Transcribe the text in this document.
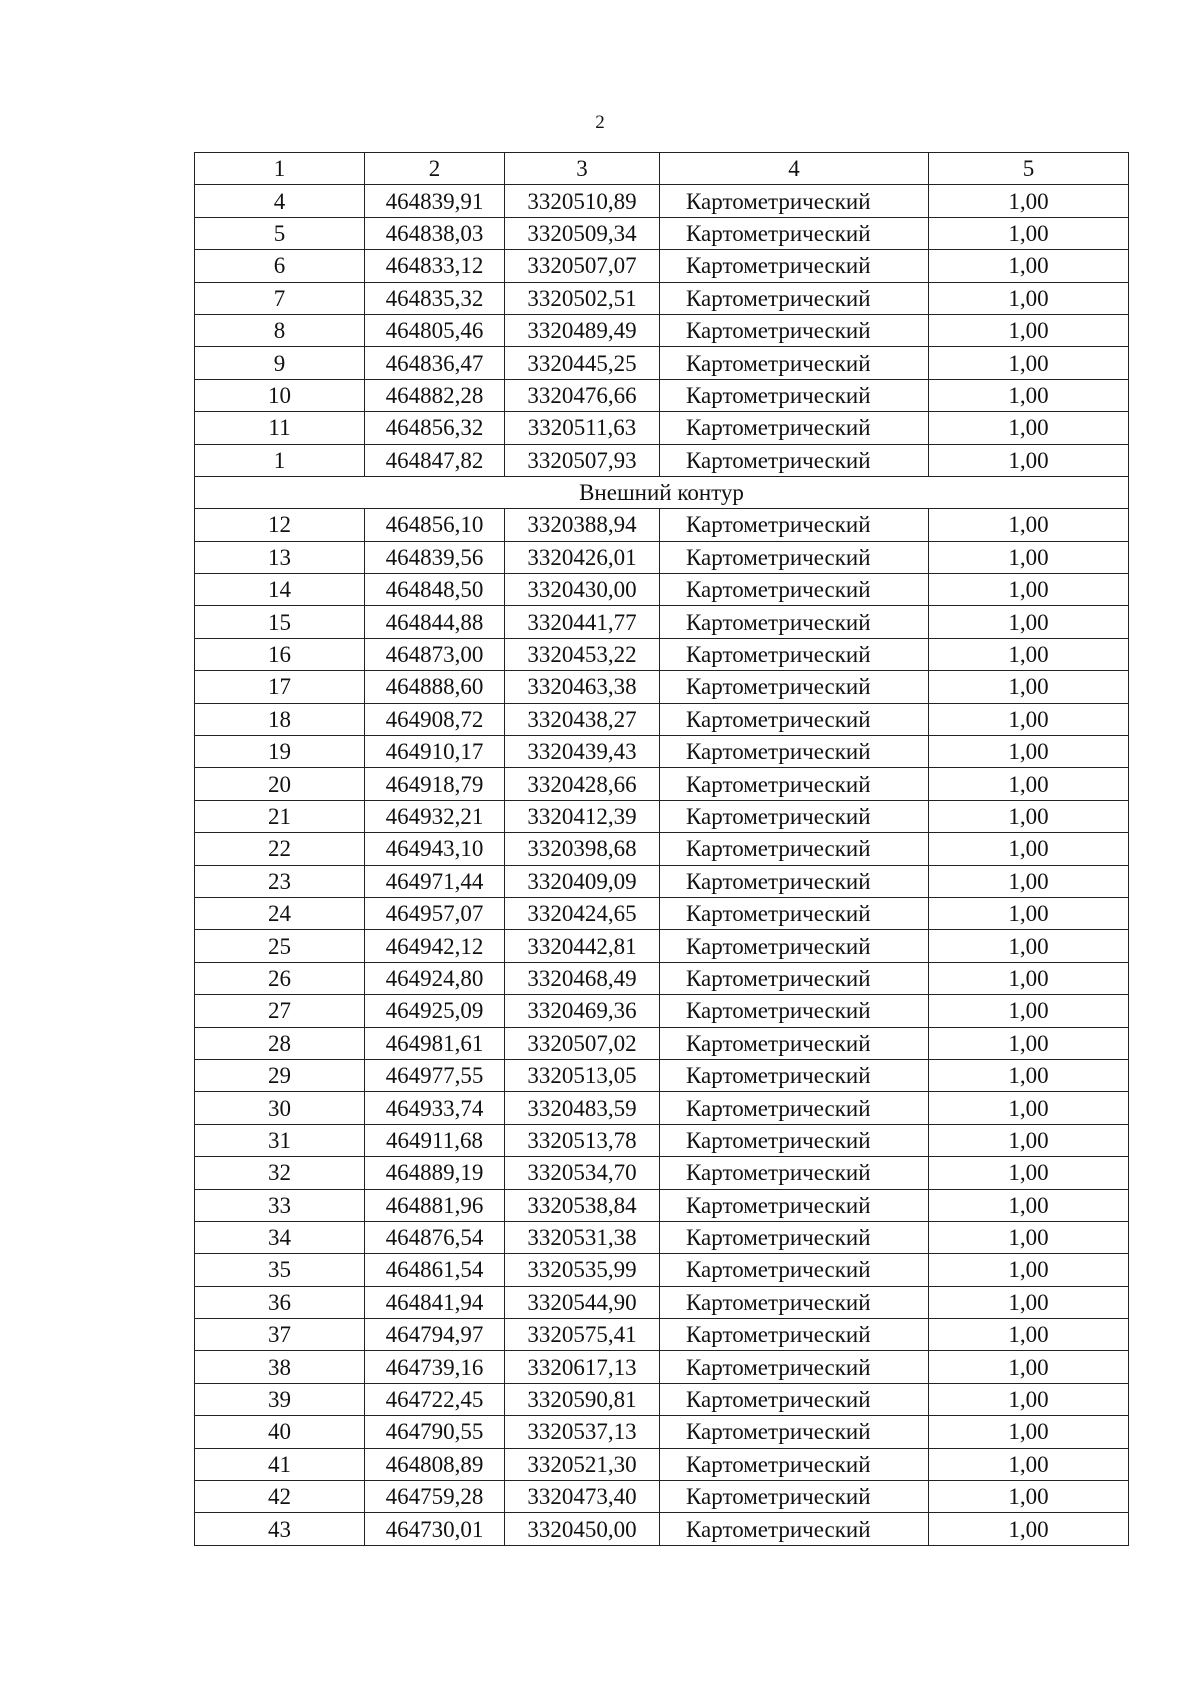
2
1	2	3	4	5
4	464839,91	3320510,89	Картометрический	1,00
5	464838,03	3320509,34	Картометрический	1,00
6	464833,12	3320507,07	Картометрический	1,00
7	464835,32	3320502,51	Картометрический	1,00
8	464805,46	3320489,49	Картометрический	1,00
9	464836,47	3320445,25	Картометрический	1,00
10	464882,28	3320476,66	Картометрический	1,00
11	464856,32	3320511,63	Картометрический	1,00
1	464847,82	3320507,93	Картометрический	1,00
Внешний контур				
12	464856,10	3320388,94	Картометрический	1,00
13	464839,56	3320426,01	Картометрический	1,00
14	464848,50	3320430,00	Картометрический	1,00
15	464844,88	3320441,77	Картометрический	1,00
16	464873,00	3320453,22	Картометрический	1,00
17	464888,60	3320463,38	Картометрический	1,00
18	464908,72	3320438,27	Картометрический	1,00
19	464910,17	3320439,43	Картометрический	1,00
20	464918,79	3320428,66	Картометрический	1,00
21	464932,21	3320412,39	Картометрический	1,00
22	464943,10	3320398,68	Картометрический	1,00
23	464971,44	3320409,09	Картометрический	1,00
24	464957,07	3320424,65	Картометрический	1,00
25	464942,12	3320442,81	Картометрический	1,00
26	464924,80	3320468,49	Картометрический	1,00
27	464925,09	3320469,36	Картометрический	1,00
28	464981,61	3320507,02	Картометрический	1,00
29	464977,55	3320513,05	Картометрический	1,00
30	464933,74	3320483,59	Картометрический	1,00
31	464911,68	3320513,78	Картометрический	1,00
32	464889,19	3320534,70	Картометрический	1,00
33	464881,96	3320538,84	Картометрический	1,00
34	464876,54	3320531,38	Картометрический	1,00
35	464861,54	3320535,99	Картометрический	1,00
36	464841,94	3320544,90	Картометрический	1,00
37	464794,97	3320575,41	Картометрический	1,00
38	464739,16	3320617,13	Картометрический	1,00
39	464722,45	3320590,81	Картометрический	1,00
40	464790,55	3320537,13	Картометрический	1,00
41	464808,89	3320521,30	Картометрический	1,00
42	464759,28	3320473,40	Картометрический	1,00
43	464730,01	3320450,00	Картометрический	1,00
